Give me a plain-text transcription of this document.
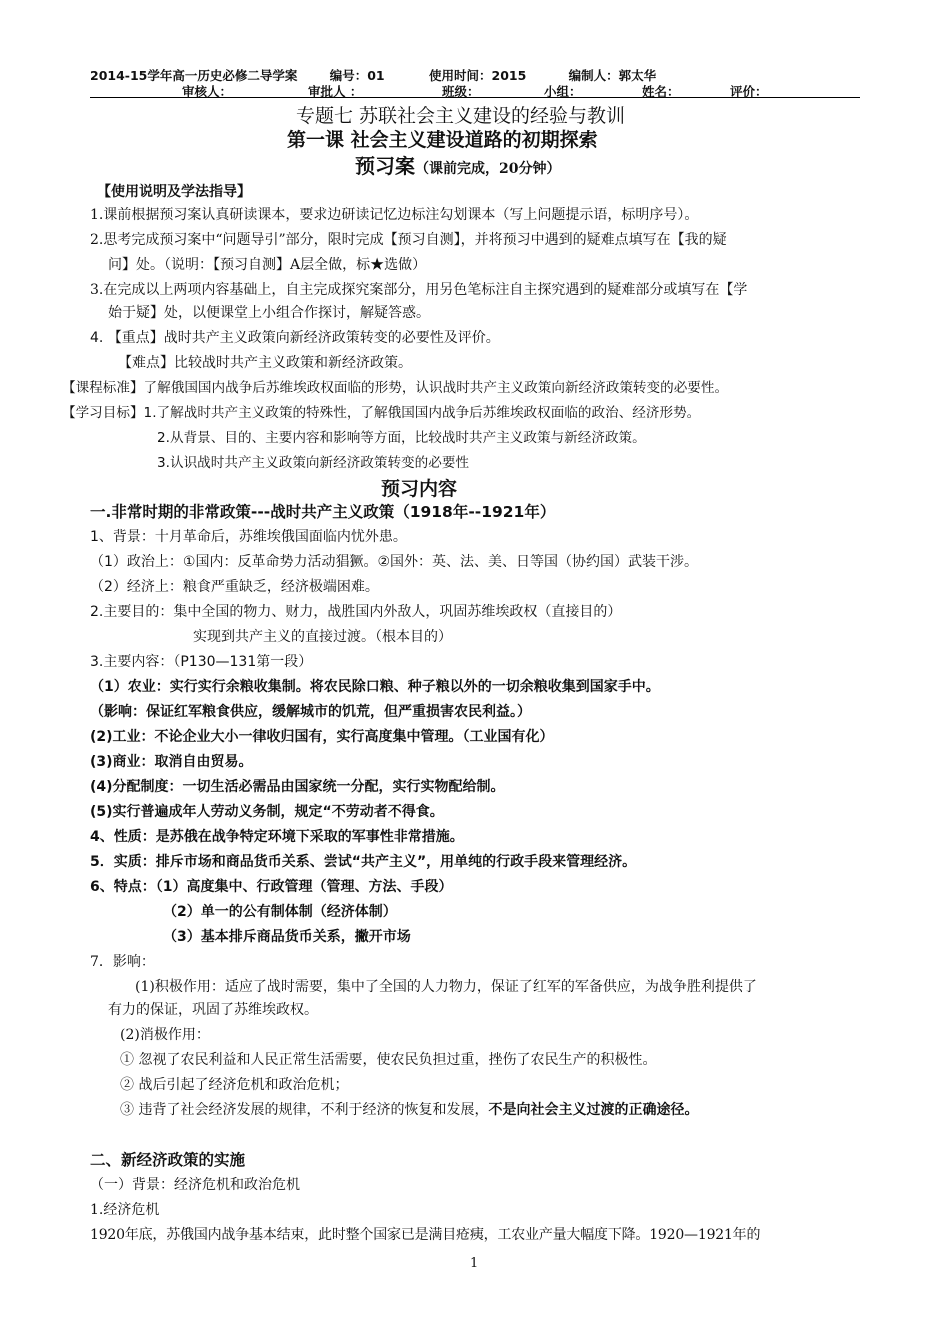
2014-15学年高一历史必修二导学案	编号：01	使用时间：2015	编制人：郭太华
审核人：	审批人 ：	班级：	小组：	姓名：	评价：
专题七 苏联社会主义建设的经验与教训
第一课 社会主义建设道路的初期探索
预习案（课前完成，20分钟）
【使用说明及学法指导】
1.课前根据预习案认真研读课本，要求边研读记忆边标注勾划课本（写上问题提示语，标明序号）。
2.思考完成预习案中“问题导引”部分，限时完成【预习自测】，并将预习中遇到的疑难点填写在【我的疑
问】处。（说明：【预习自测】A层全做，标★选做）
3.在完成以上两项内容基础上，自主完成探究案部分，用另色笔标注自主探究遇到的疑难部分或填写在【学
始于疑】处，以便课堂上小组合作探讨，解疑答惑。
4. 【重点】战时共产主义政策向新经济政策转变的必要性及评价。
【难点】比较战时共产主义政策和新经济政策。
【课程标准】了解俄国国内战争后苏维埃政权面临的形势，认识战时共产主义政策向新经济政策转变的必要性。
【学习目标】1.了解战时共产主义政策的特殊性，了解俄国国内战争后苏维埃政权面临的政治、经济形势。
2.从背景、目的、主要内容和影响等方面，比较战时共产主义政策与新经济政策。
3.认识战时共产主义政策向新经济政策转变的必要性
预习内容
一.非常时期的非常政策---战时共产主义政策（1918年--1921年）
1、背景：十月革命后，苏维埃俄国面临内忧外患。
（1）政治上：①国内：反革命势力活动猖獗。②国外：英、法、美、日等国（协约国）武装干涉。
（2）经济上：粮食严重缺乏，经济极端困难。
2.主要目的：集中全国的物力、财力，战胜国内外敌人，巩固苏维埃政权（直接目的）
实现到共产主义的直接过渡。（根本目的）
3.主要内容：（P130—131第一段）
（1）农业：实行实行余粮收集制。将农民除口粮、种子粮以外的一切余粮收集到国家手中。
（影响：保证红军粮食供应，缓解城市的饥荒，但严重损害农民利益。）
(2)工业：不论企业大小一律收归国有，实行高度集中管理。（工业国有化）
(3)商业：取消自由贸易。
(4)分配制度：一切生活必需品由国家统一分配，实行实物配给制。
(5)实行普遍成年人劳动义务制，规定“不劳动者不得食。
4、性质：是苏俄在战争特定环境下采取的军事性非常措施。
5．实质：排斥市场和商品货币关系、尝试“共产主义”，用单纯的行政手段来管理经济。
6、特点：（1）高度集中、行政管理（管理、方法、手段）
（2）单一的公有制体制（经济体制）
（3）基本排斥商品货币关系，撇开市场
7．影响：
(1)积极作用：适应了战时需要，集中了全国的人力物力，保证了红军的军备供应，为战争胜利提供了
有力的保证，巩固了苏维埃政权。
(2)消极作用：
① 忽视了农民利益和人民正常生活需要，使农民负担过重，挫伤了农民生产的积极性。
② 战后引起了经济危机和政治危机；
③ 违背了社会经济发展的规律，不利于经济的恢复和发展，不是向社会主义过渡的正确途径。
二、新经济政策的实施
（一）背景：经济危机和政治危机
1.经济危机
1920年底，苏俄国内战争基本结束，此时整个国家已是满目疮痍，工农业产量大幅度下降。1920—1921年的
1
